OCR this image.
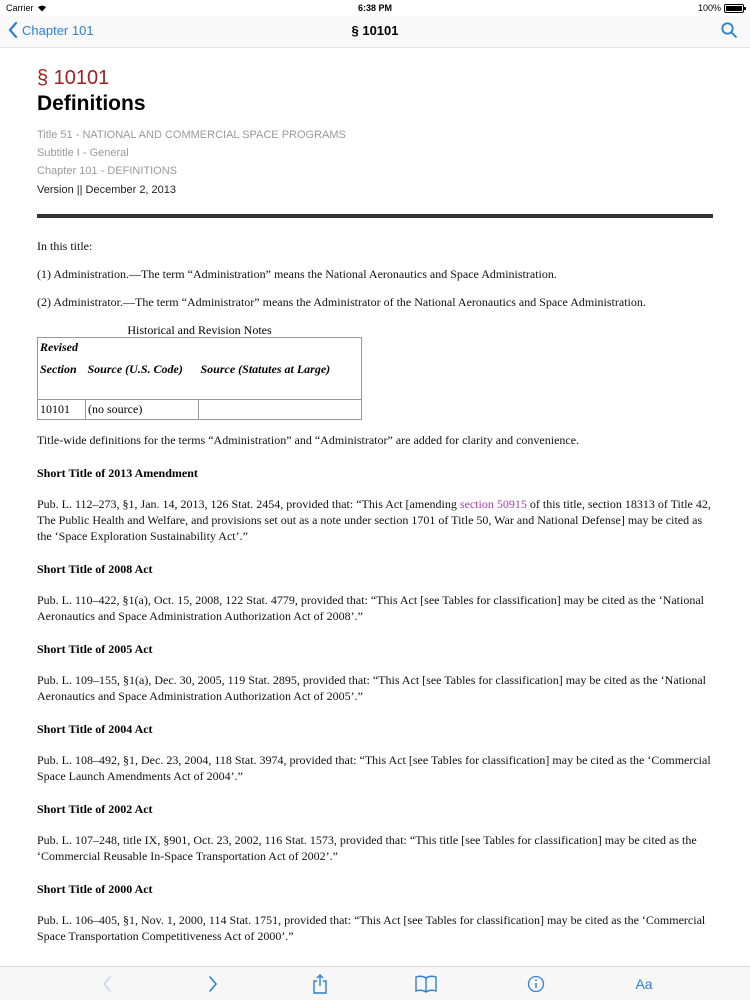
Carrier	6:38 PM	100%
Chapter 101	§ 10101
§ 10101
Definitions
Title 51 - NATIONAL AND COMMERCIAL SPACE PROGRAMS
Subtitle I - General
Chapter 101 - DEFINITIONS
Version || December 2, 2013
In this title:
(1) Administration.—The term “Administration” means the National Aeronautics and Space Administration.
(2) Administrator.—The term “Administrator” means the Administrator of the National Aeronautics and Space Administration.
Historical and Revision Notes
Revised		
Section	Source (U.S. Code)	Source (Statutes at Large)
10101	(no source)	
Title-wide definitions for the terms “Administration” and “Administrator” are added for clarity and convenience.
Short Title of 2013 Amendment
Pub. L. 112–273, §1, Jan. 14, 2013, 126 Stat. 2454, provided that: “This Act [amending section 50915 of this title, section 18313 of Title 42, The Public Health and Welfare, and provisions set out as a note under section 1701 of Title 50, War and National Defense] may be cited as the ‘Space Exploration Sustainability Act’.”
Short Title of 2008 Act
Pub. L. 110–422, §1(a), Oct. 15, 2008, 122 Stat. 4779, provided that: “This Act [see Tables for classification] may be cited as the ‘National Aeronautics and Space Administration Authorization Act of 2008’.”
Short Title of 2005 Act
Pub. L. 109–155, §1(a), Dec. 30, 2005, 119 Stat. 2895, provided that: “This Act [see Tables for classification] may be cited as the ‘National Aeronautics and Space Administration Authorization Act of 2005’.”
Short Title of 2004 Act
Pub. L. 108–492, §1, Dec. 23, 2004, 118 Stat. 3974, provided that: “This Act [see Tables for classification] may be cited as the ‘Commercial Space Launch Amendments Act of 2004’.”
Short Title of 2002 Act
Pub. L. 107–248, title IX, §901, Oct. 23, 2002, 116 Stat. 1573, provided that: “This title [see Tables for classification] may be cited as the ‘Commercial Reusable In-Space Transportation Act of 2002’.”
Short Title of 2000 Act
Pub. L. 106–405, §1, Nov. 1, 2000, 114 Stat. 1751, provided that: “This Act [see Tables for classification] may be cited as the ‘Commercial Space Transportation Competitiveness Act of 2000’.”
Aa
